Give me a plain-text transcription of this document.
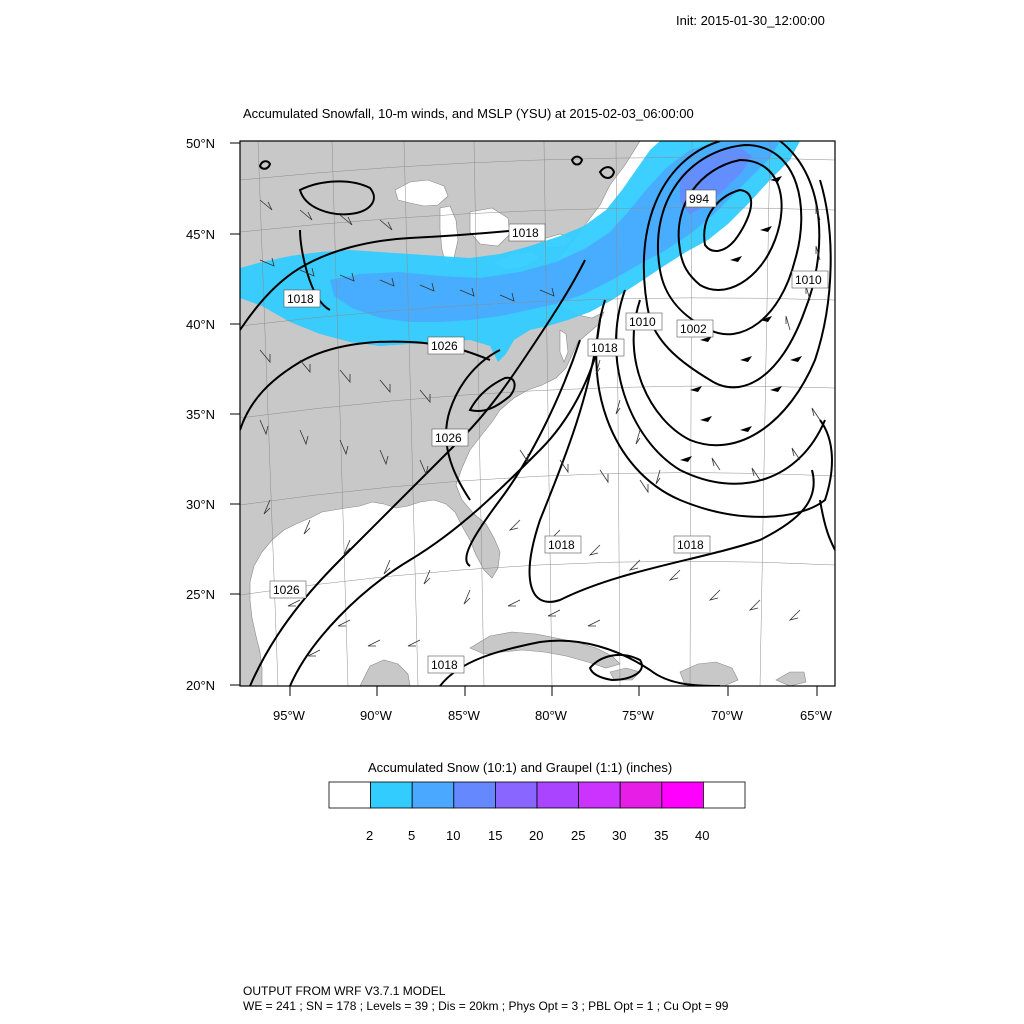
Init: 2015-01-30_12:00:00
Accumulated Snowfall, 10-m winds, and MSLP (YSU) at 2015-02-03_06:00:00
994
1002
1010
1010
1018
1018
1018
1018	1018
1018
1026
1026
1026
50°N
45°N
40°N
35°N
30°N
25°N
20°N
95°W	90°W	85°W	80°W	75°W	70°W	65°W
2	5 10 15 20 25 30 35 40
Accumulated Snow (10:1) and Graupel (1:1) (inches)
OUTPUT FROM WRF V3.7.1 MODEL
WE = 241 ; SN = 178 ; Levels = 39 ; Dis = 20km ; Phys Opt = 3 ; PBL Opt = 1 ; Cu Opt = 99
